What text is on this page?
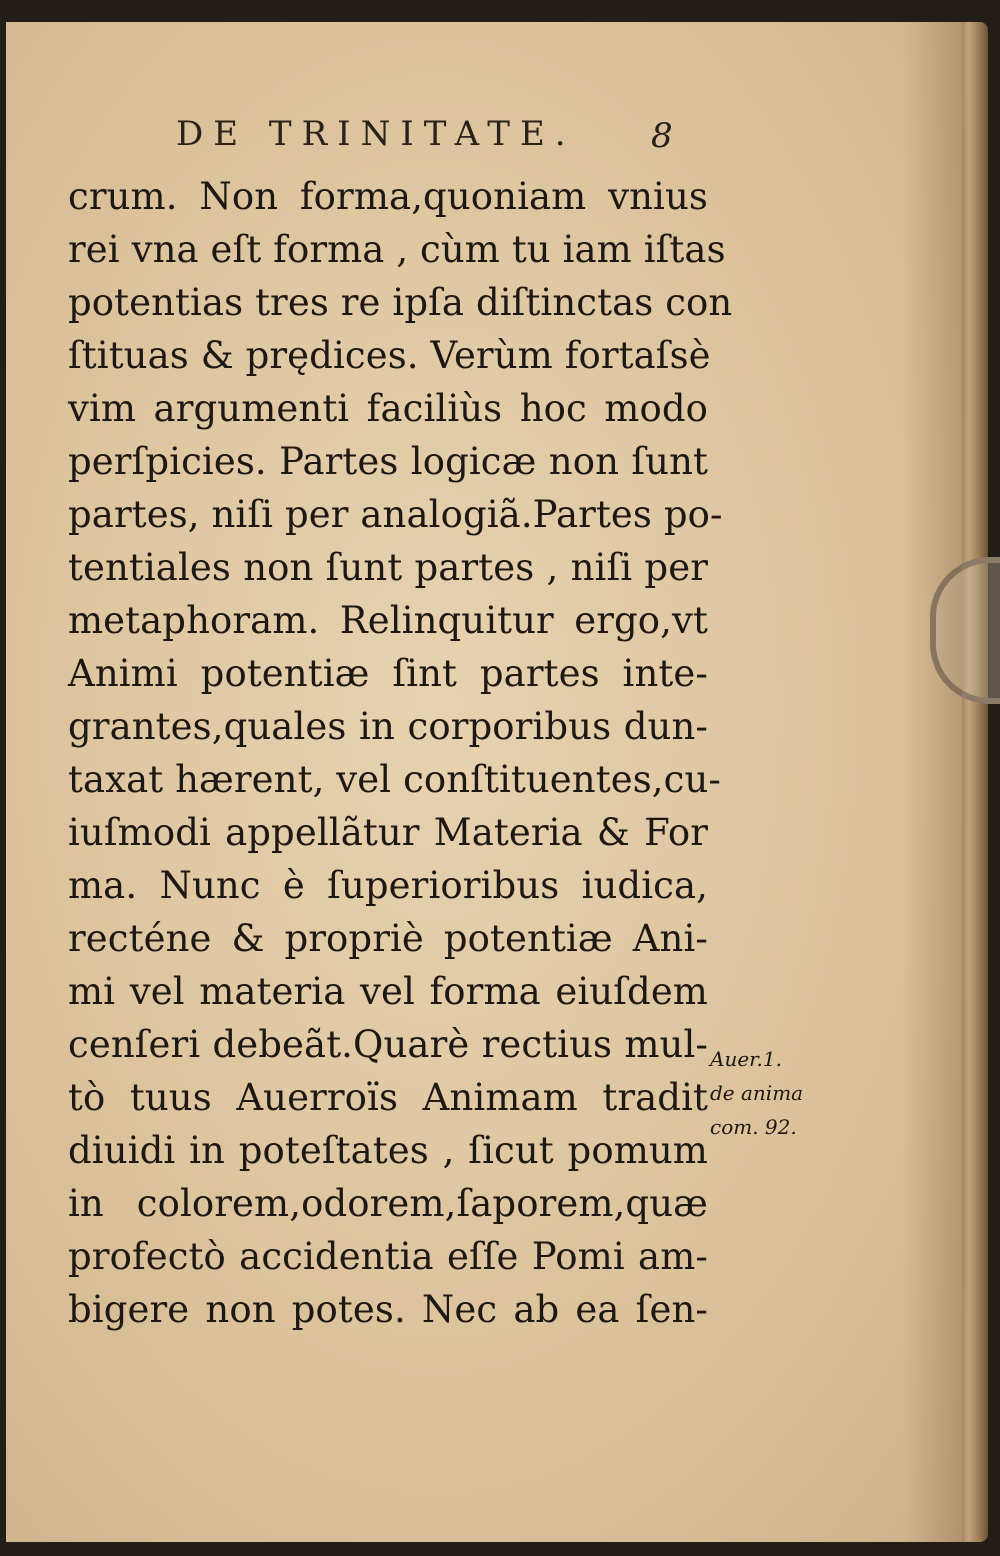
DE TRINITATE. 8
crum. Non forma,quoniam vnius
rei vna eſt forma , cùm tu iam iſtas
potentias tres re ipſa diſtinctas con
ſtituas & prędices. Verùm fortaſsè
vim argumenti faciliùs hoc modo
perſpicies. Partes logicæ non ſunt
partes, niſi per analogiã.Partes po-
tentiales non ſunt partes , niſi per
metaphoram. Relinquitur ergo,vt
Animi potentiæ ſint partes inte-
grantes,quales in corporibus dun-
taxat hærent, vel conſtituentes,cu-
iuſmodi appellãtur Materia & For
ma. Nunc è ſuperioribus iudica,
recténe & propriè potentiæ Ani-
mi vel materia vel forma eiuſdem
cenſeri debeãt.Quarè rectius mul-
tò tuus Auerroïs Animam tradit
diuidi in poteſtates , ſicut pomum
in colorem,odorem,ſaporem,quæ
profectò accidentia eſſe Pomi am-
bigere non potes. Nec ab ea ſen-
Auer.1.
de anima
com. 92.
